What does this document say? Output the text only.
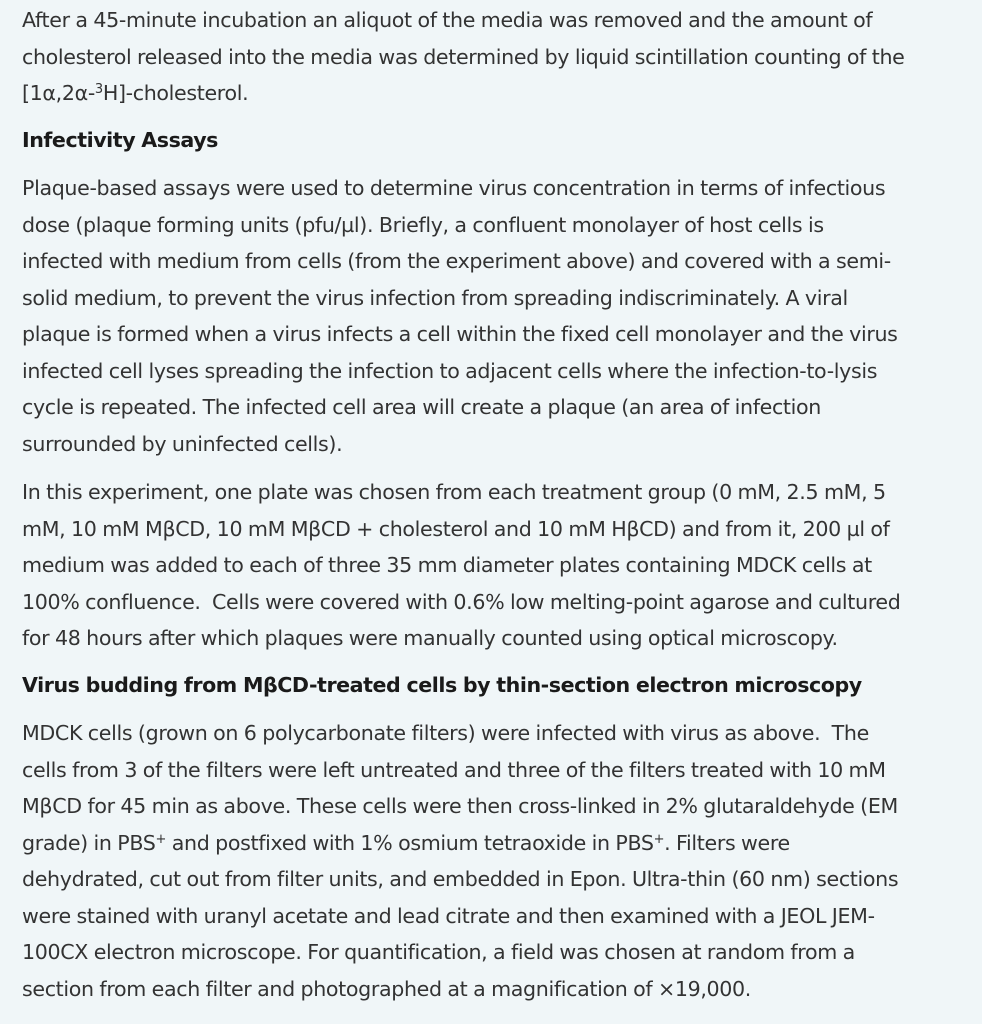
After a 45-minute incubation an aliquot of the media was removed and the amount of
cholesterol released into the media was determined by liquid scintillation counting of the
[1α,2α-$^3$H]-cholesterol.

Infectivity Assays

Plaque-based assays were used to determine virus concentration in terms of infectious
dose (plaque forming units (pfu/µl). Briefly, a confluent monolayer of host cells is
infected with medium from cells (from the experiment above) and covered with a semi-
solid medium, to prevent the virus infection from spreading indiscriminately. A viral
plaque is formed when a virus infects a cell within the fixed cell monolayer and the virus
infected cell lyses spreading the infection to adjacent cells where the infection-to-lysis
cycle is repeated. The infected cell area will create a plaque (an area of infection
surrounded by uninfected cells).

In this experiment, one plate was chosen from each treatment group (0 mM, 2.5 mM, 5
mM, 10 mM MβCD, 10 mM MβCD + cholesterol and 10 mM HβCD) and from it, 200 µl of
medium was added to each of three 35 mm diameter plates containing MDCK cells at
100% confluence.  Cells were covered with 0.6% low melting-point agarose and cultured
for 48 hours after which plaques were manually counted using optical microscopy.

Virus budding from MβCD-treated cells by thin-section electron microscopy

MDCK cells (grown on 6 polycarbonate filters) were infected with virus as above.  The
cells from 3 of the filters were left untreated and three of the filters treated with 10 mM
MβCD for 45 min as above. These cells were then cross-linked in 2% glutaraldehyde (EM
grade) in PBS+ and postfixed with 1% osmium tetraoxide in PBS+. Filters were
dehydrated, cut out from filter units, and embedded in Epon. Ultra-thin (60 nm) sections
were stained with uranyl acetate and lead citrate and then examined with a JEOL JEM-
100CX electron microscope. For quantification, a field was chosen at random from a
section from each filter and photographed at a magnification of ×19,000.
